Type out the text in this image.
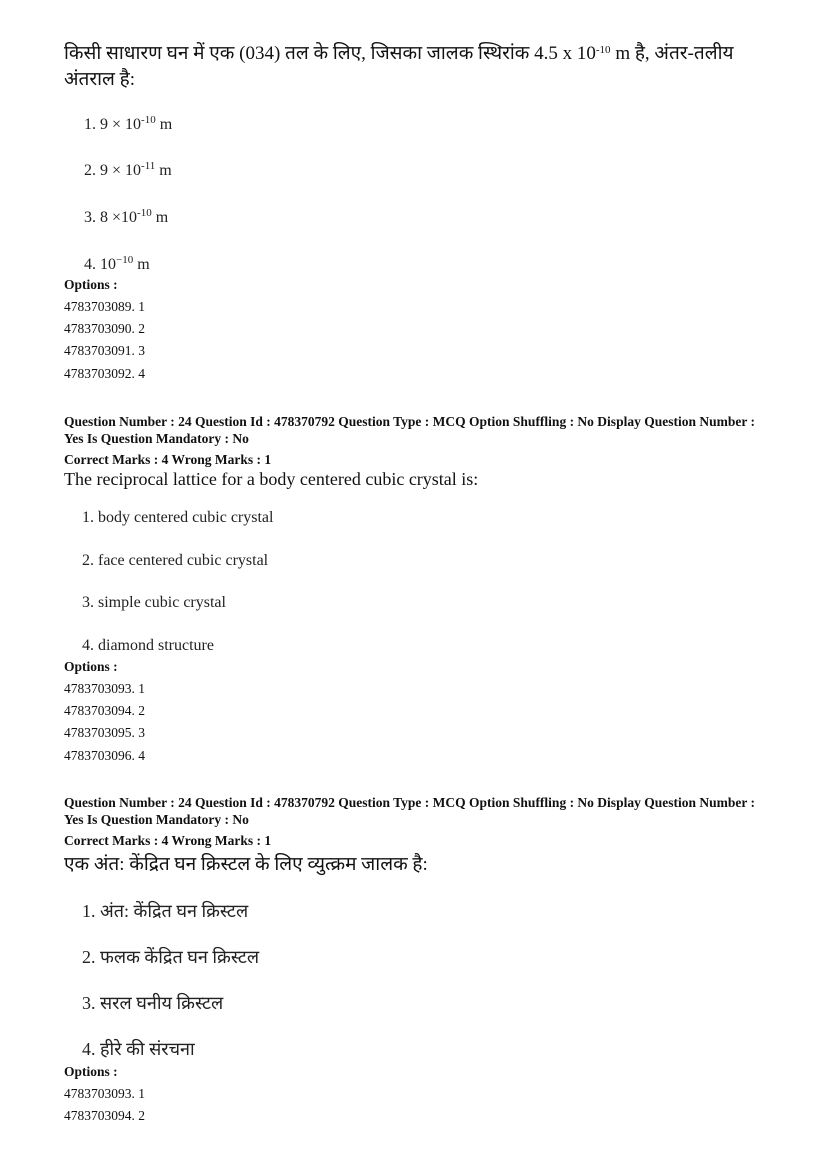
किसी साधारण घन में एक (034) तल के लिए, जिसका जालक स्थिरांक 4.5 x $10^{-10}$ m है, अंतर-तलीय
अंतराल है:
1. $9 \times 10^{-10}$ m
2. $9 \times 10^{-11}$ m
3. $8 \times 10^{-10}$ m
4. $10^{-10}$ m
Options :
4783703089. 1
4783703090. 2
4783703091. 3
4783703092. 4
Question Number : 24 Question Id : 478370792 Question Type : MCQ Option Shuffling : No Display Question Number : Yes Is Question Mandatory : No
Correct Marks : 4 Wrong Marks : 1
The reciprocal lattice for a body centered cubic crystal is:
1. body centered cubic crystal
2. face centered cubic crystal
3. simple cubic crystal
4. diamond structure
Options :
4783703093. 1
4783703094. 2
4783703095. 3
4783703096. 4
Question Number : 24 Question Id : 478370792 Question Type : MCQ Option Shuffling : No Display Question Number : Yes Is Question Mandatory : No
Correct Marks : 4 Wrong Marks : 1
एक अंत: केंद्रित घन क्रिस्टल के लिए व्युत्क्रम जालक है:
1. अंत: केंद्रित घन क्रिस्टल
2. फलक केंद्रित घन क्रिस्टल
3. सरल घनीय क्रिस्टल
4. हीरे की संरचना
Options :
4783703093. 1
4783703094. 2
